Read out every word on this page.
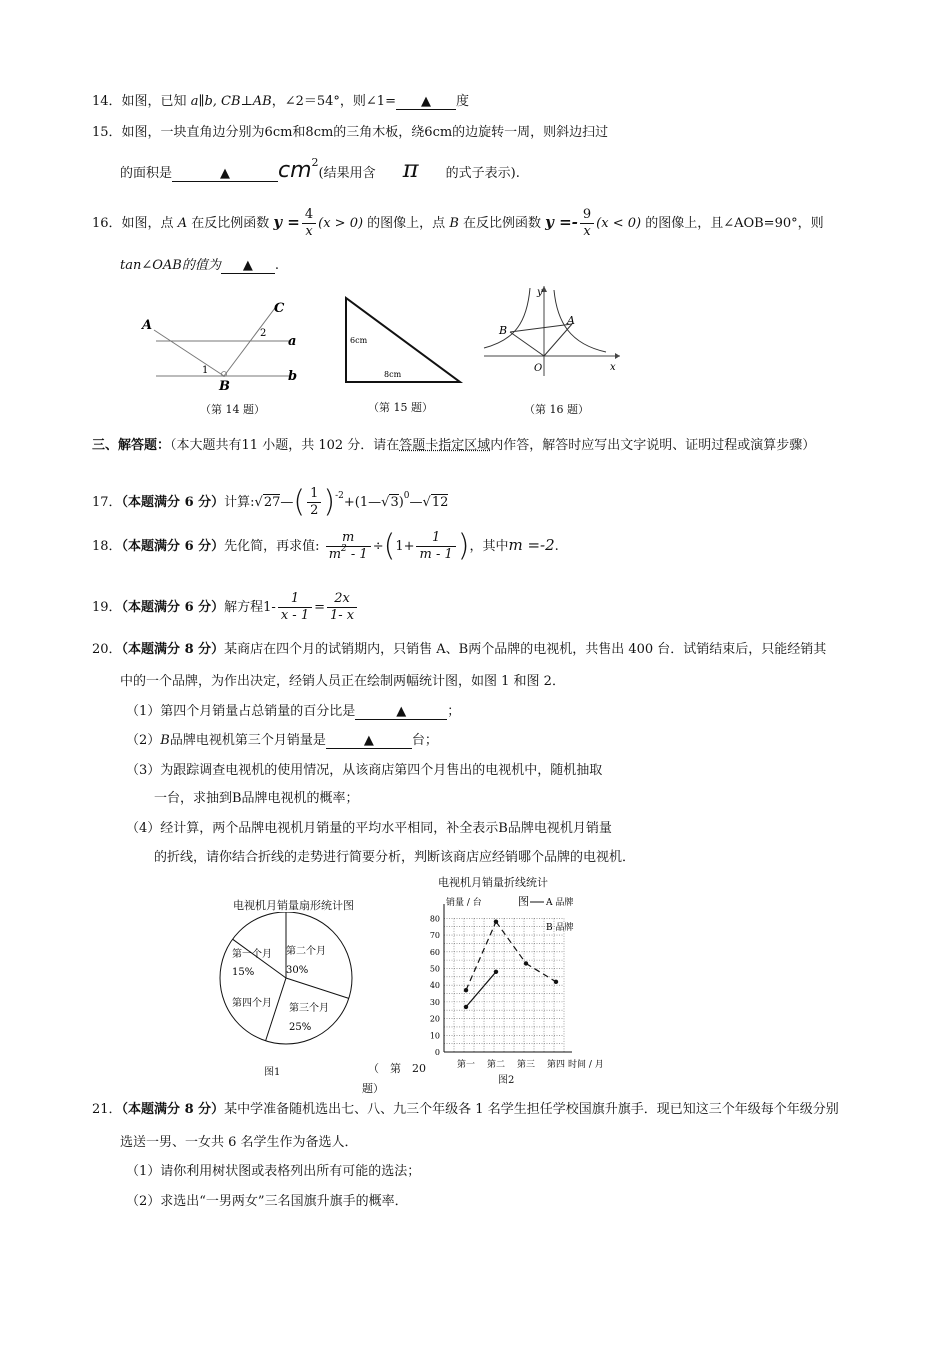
14．如图，已知 a∥b, CB⊥AB，∠2＝54°，则∠1= ▲ 度
15．如图，一块直角边分别为6cm和8cm的三角木板，绕6cm的边旋转一周，则斜边扫过
的面积是	▲ $cm^2$(结果用含 π 的式子表示).
16．如图，点 A 在反比例函数 $y = \frac{4}{x} (x > 0)$ 的图像上，点 B 在反比例函数 $y =- \frac{9}{x} (x < 0)$ 的图像上，且∠AOB=90°，则
tan∠OAB的值为 ▲ .
A
B
C
a
b
1
2
（第 14 题）
6cm
8cm
（第 15 题）
y
x
O
A
B
（第 16 题）
三、解答题：（本大题共有11 小题，共 102 分．请在答题卡指定区域内作答，解答时应写出文字说明、证明过程或演算步骤）
17．（本题满分 6 分）计算:√27—( $\frac{1}{2}$ )$^{-2}$+(1—√3)$^0$—√12
18．（本题满分 6 分）先化简，再求值: $\frac{m}{m^2 - 1} \div(1+ \frac{1}{m - 1}$ )，其中m =-2.
19．（本题满分 6 分）解方程$1- \frac{1}{x - 1} = \frac{2x}{1- x}$
20．（本题满分 8 分）某商店在四个月的试销期内，只销售 A、B两个品牌的电视机，共售出 400 台．试销结束后，只能经销其
中的一个品牌，为作出决定，经销人员正在绘制两幅统计图，如图 1 和图 2．
（1）第四个月销量占总销量的百分比是	▲	；
（2）B品牌电视机第三个月销量是	▲	台；
（3）为跟踪调查电视机的使用情况，从该商店第四个月售出的电视机中，随机抽取
一台，求抽到B品牌电视机的概率；
（4）经计算，两个品牌电视机月销量的平均水平相同，补全表示B品牌电视机月销量
的折线，请你结合折线的走势进行简要分析，判断该商店应经销哪个品牌的电视机．
电视机月销量扇形统计图
第一个月
15%
第二个月
30%
第三个月
25%
第四个月
图1	（　第　20
题）
电视机月销量折线统计
销量 / 台	图 A 品牌
B 品牌
0
10
20
30
40
50
60
70
80
第一 第二 第三 第四 时间 / 月
图2
21．（本题满分 8 分）某中学准备随机选出七、八、九三个年级各 1 名学生担任学校国旗升旗手．现已知这三个年级每个年级分别
选送一男、一女共 6 名学生作为备选人．
（1）请你利用树状图或表格列出所有可能的选法；
（2）求选出“一男两女”三名国旗升旗手的概率．
